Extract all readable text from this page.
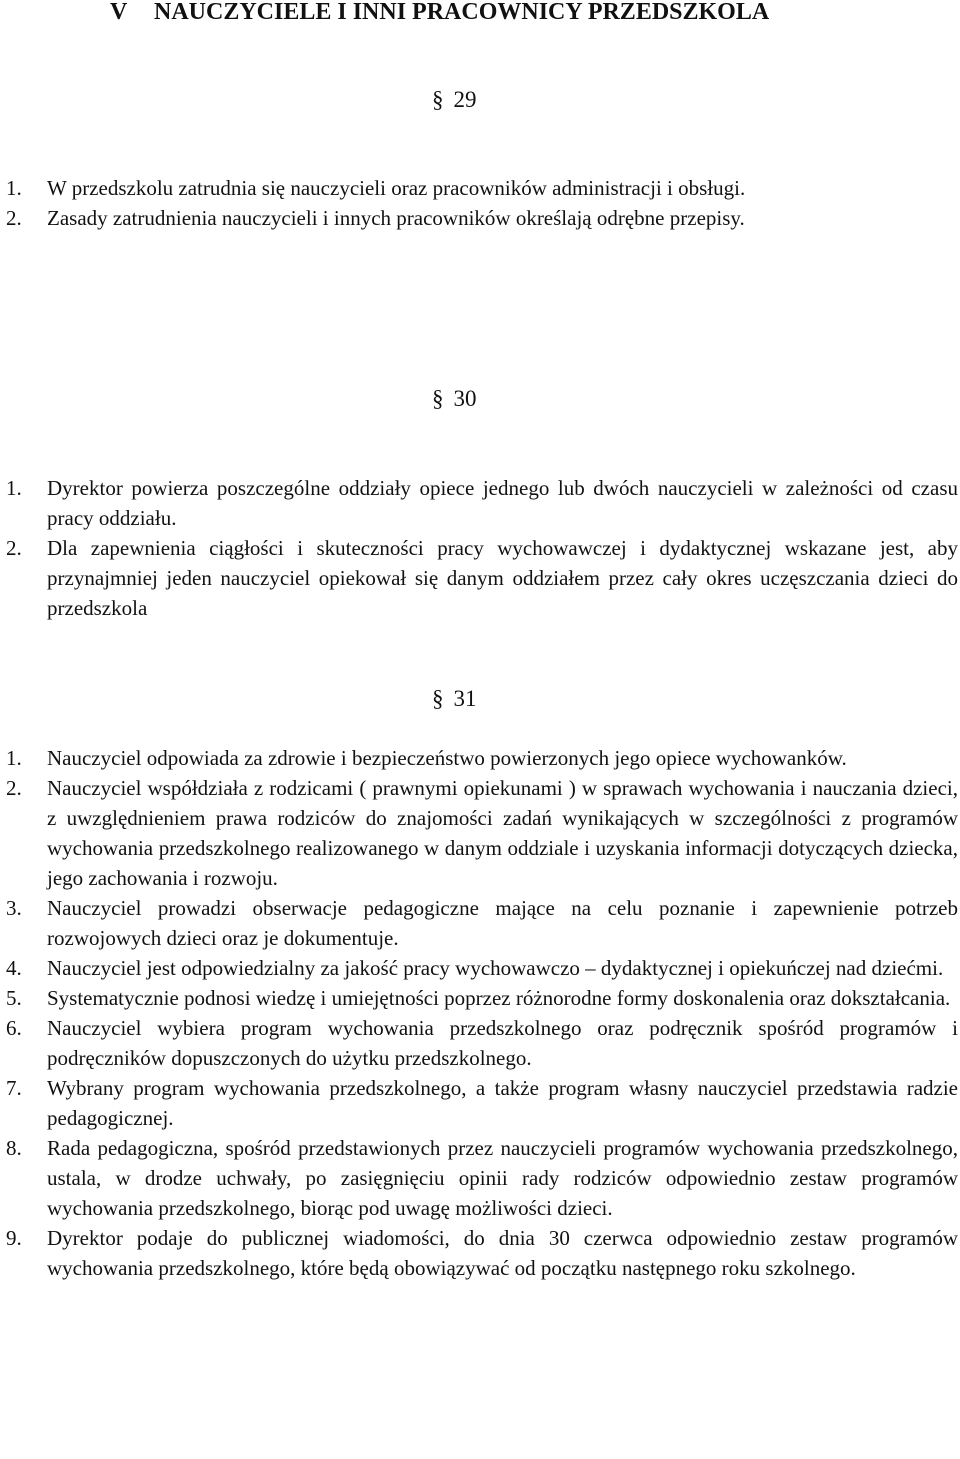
V NAUCZYCIELE I INNI PRACOWNICY PRZEDSZKOLA
§ 29
1. W przedszkolu zatrudnia się nauczycieli oraz pracowników administracji i obsługi.
2. Zasady zatrudnienia nauczycieli i innych pracowników określają odrębne przepisy.
§ 30
1. Dyrektor powierza poszczególne oddziały opiece jednego lub dwóch nauczycieli w zależności od czasu pracy oddziału.
2. Dla zapewnienia ciągłości i skuteczności pracy wychowawczej i dydaktycznej wskazane jest, aby przynajmniej jeden nauczyciel opiekował się danym oddziałem przez cały okres uczęszczania dzieci do przedszkola
§ 31
1. Nauczyciel odpowiada za zdrowie i bezpieczeństwo powierzonych jego opiece wychowanków.
2. Nauczyciel współdziała z rodzicami ( prawnymi opiekunami ) w sprawach wychowania i nauczania dzieci, z uwzględnieniem prawa rodziców do znajomości zadań wynikających w szczególności z programów wychowania przedszkolnego realizowanego w danym oddziale i uzyskania informacji dotyczących dziecka, jego zachowania i rozwoju.
3. Nauczyciel prowadzi obserwacje pedagogiczne mające na celu poznanie i zapewnienie potrzeb rozwojowych dzieci oraz je dokumentuje.
4. Nauczyciel jest odpowiedzialny za jakość pracy wychowawczo – dydaktycznej i opiekuńczej nad dziećmi.
5. Systematycznie podnosi wiedzę i umiejętności poprzez różnorodne formy doskonalenia oraz dokształcania.
6. Nauczyciel wybiera program wychowania przedszkolnego oraz podręcznik spośród programów i podręczników dopuszczonych do użytku przedszkolnego.
7. Wybrany program wychowania przedszkolnego, a także program własny nauczyciel przedstawia radzie pedagogicznej.
8. Rada pedagogiczna, spośród przedstawionych przez nauczycieli programów wychowania przedszkolnego, ustala, w drodze uchwały, po zasięgnięciu opinii rady rodziców odpowiednio zestaw programów wychowania przedszkolnego, biorąc pod uwagę możliwości dzieci.
9. Dyrektor podaje do publicznej wiadomości, do dnia 30 czerwca odpowiednio zestaw programów wychowania przedszkolnego, które będą obowiązywać od początku następnego roku szkolnego.
